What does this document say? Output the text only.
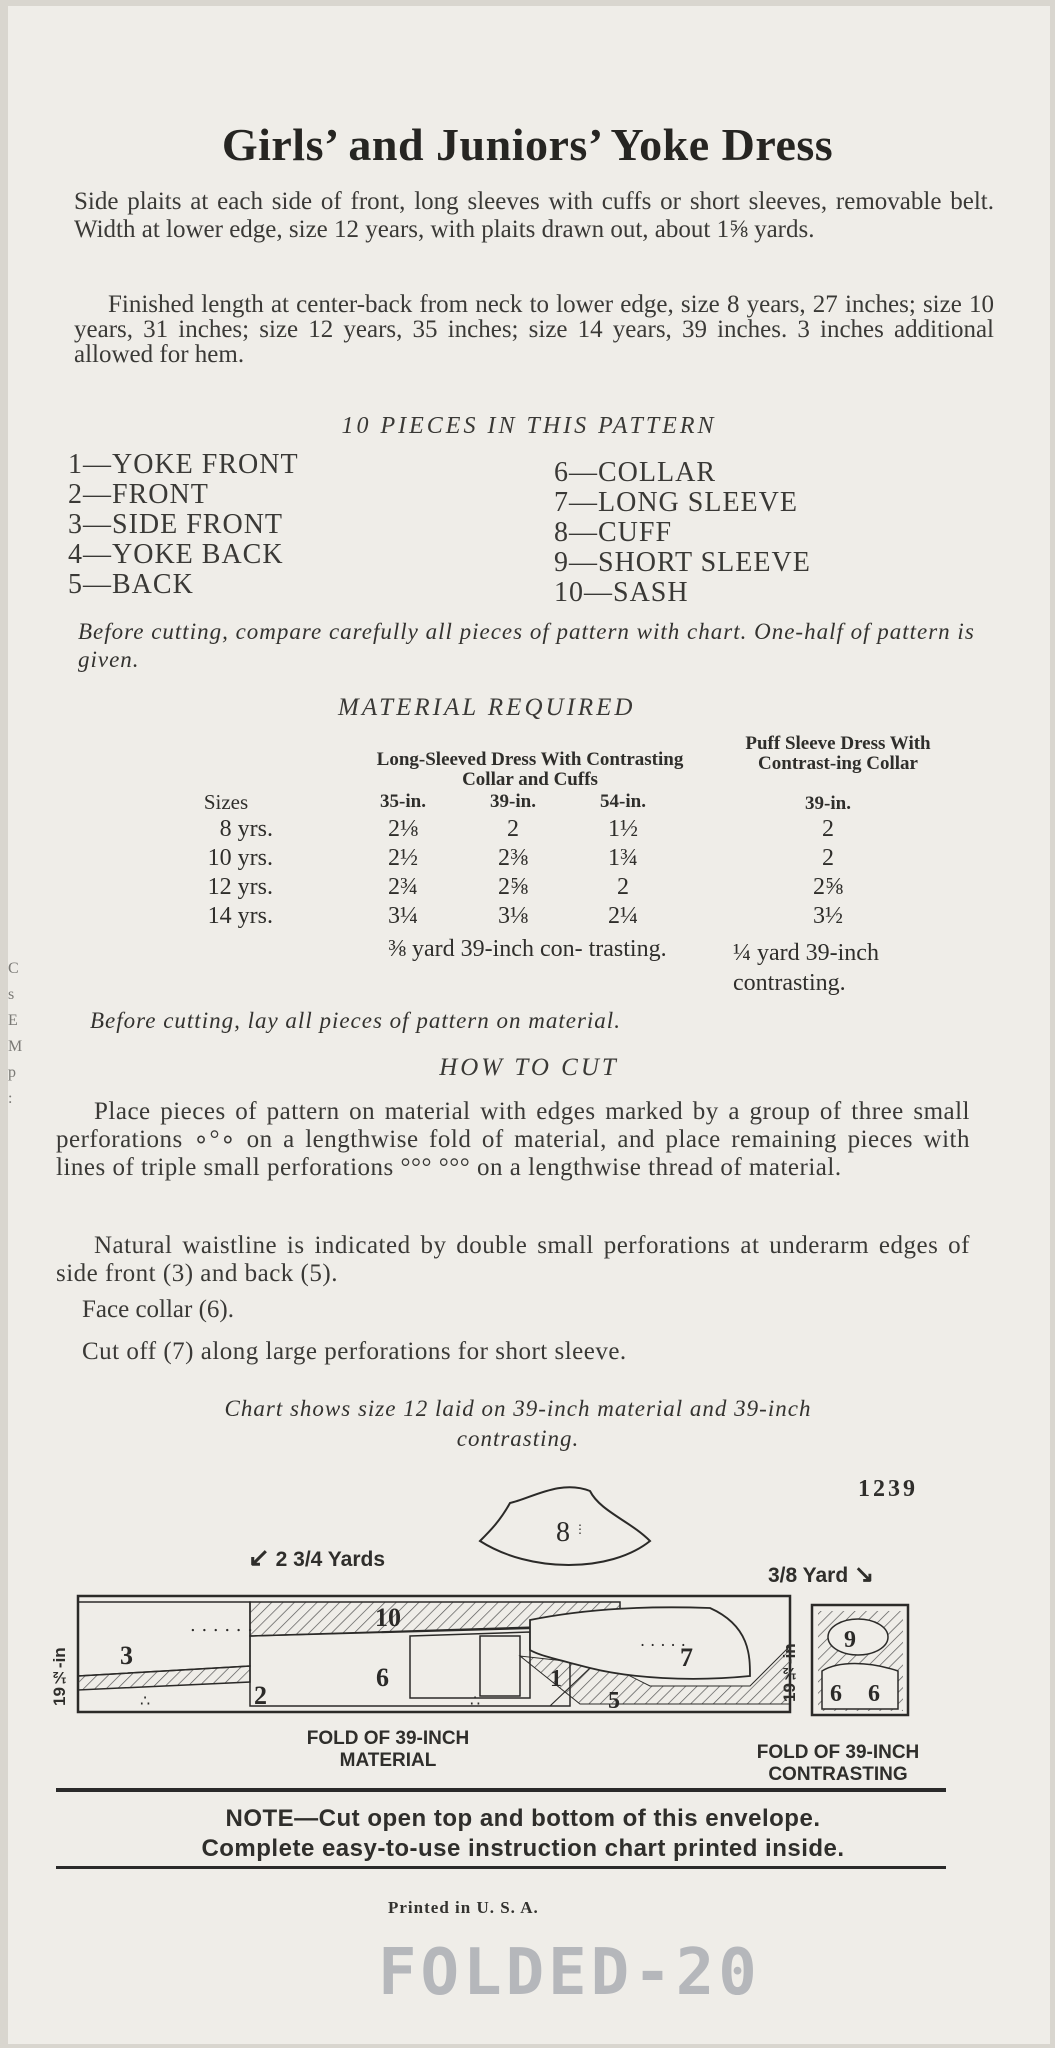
Girls’ and Juniors’ Yoke Dress
Side plaits at each side of front, long sleeves with cuffs or short sleeves, removable belt. Width at lower edge, size 12 years, with plaits drawn out, about 1⅝ yards.
Finished length at center-back from neck to lower edge, size 8 years, 27 inches; size 10 years, 31 inches; size 12 years, 35 inches; size 14 years, 39 inches. 3 inches additional allowed for hem.
10 PIECES IN THIS PATTERN
1—YOKE FRONT
2—FRONT
3—SIDE FRONT
4—YOKE BACK
5—BACK
6—COLLAR
7—LONG SLEEVE
8—CUFF
9—SHORT SLEEVE
10—SASH
Before cutting, compare carefully all pieces of pattern with chart. One-half of pattern is given.
MATERIAL REQUIRED
Long-Sleeved Dress With Contrasting Collar and Cuffs
Puff Sleeve Dress With Contrast-ing Collar
Sizes	35-in.	39-in.	54-in.	39-in.
8 yrs.	2⅛	2	1½	2
10 yrs.	2½	2⅜	1¾	2
12 yrs.	2¾	2⅝	2	2⅝
14 yrs.	3¼	3⅛	2¼	3½
⅜ yard 39-inch con- trasting.	¼ yard 39-inch contrasting.
Before cutting, lay all pieces of pattern on material.
HOW TO CUT
Place pieces of pattern on material with edges marked by a group of three small perforations ∘°∘ on a lengthwise fold of material, and place remaining pieces with lines of triple small perforations °°° °°° on a lengthwise thread of material.
Natural waistline is indicated by double small perforations at underarm edges of side front (3) and back (5).
Face collar (6).
Cut off (7) along large perforations for short sleeve.
Chart shows size 12 laid on 39-inch material and 39-inch contrasting.
1239
8 ⋮
↙ 2 3/4 Yards
3/8 Yard ↘
. . . . . .
. . . . .
∴	∴
3
2
10
6	1
5
7
19½-in
9
6 6
19½-in
FOLD OF 39-INCH MATERIAL	FOLD OF 39-INCH CONTRASTING
NOTE—Cut open top and bottom of this envelope.
Complete easy-to-use instruction chart printed inside.
Printed in U. S. A.
FOLDED-20
C
s
E
M
p
:
